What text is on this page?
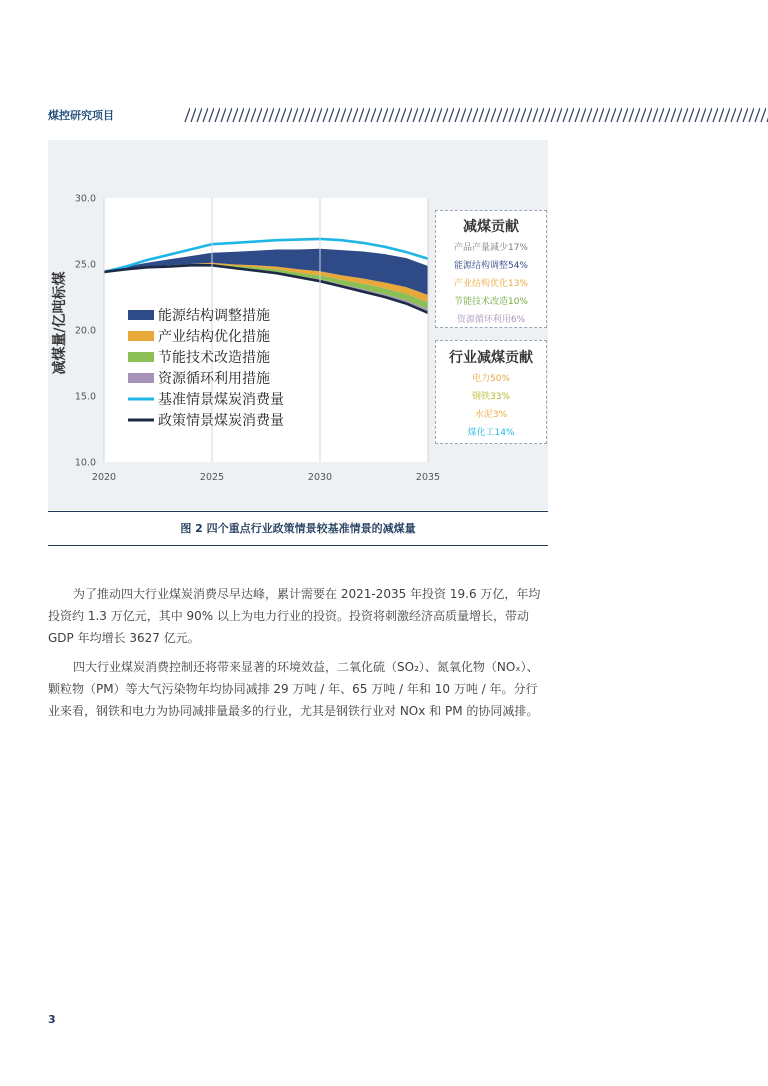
煤控研究项目
30.0
25.0
20.0
15.0
10.0
2020	2025	2030	2035
减煤量/亿吨标煤	能源结构调整措施
产业结构优化措施
节能技术改造措施
资源循环利用措施
基准情景煤炭消费量
政策情景煤炭消费量
减煤贡献
产品产量减少17%
能源结构调整54%
产业结构优化13%
节能技术改造10%
资源循环利用6%
行业减煤贡献
电力50%
钢铁33%
水泥3%
煤化工14%
图 2 四个重点行业政策情景较基准情景的减煤量

为了推动四大行业煤炭消费尽早达峰，累计需要在 2021-2035 年投资 19.6 万亿，年均投资约 1.3 万亿元，其中 90% 以上为电力行业的投资。投资将刺激经济高质量增长，带动 GDP 年均增长 3627 亿元。

四大行业煤炭消费控制还将带来显著的环境效益，二氧化硫（SO₂）、氮氧化物（NOₓ）、颗粒物（PM）等大气污染物年均协同减排 29 万吨 / 年、65 万吨 / 年和 10 万吨 / 年。分行业来看，钢铁和电力为协同减排量最多的行业，尤其是钢铁行业对 NOx 和 PM 的协同减排。

3
